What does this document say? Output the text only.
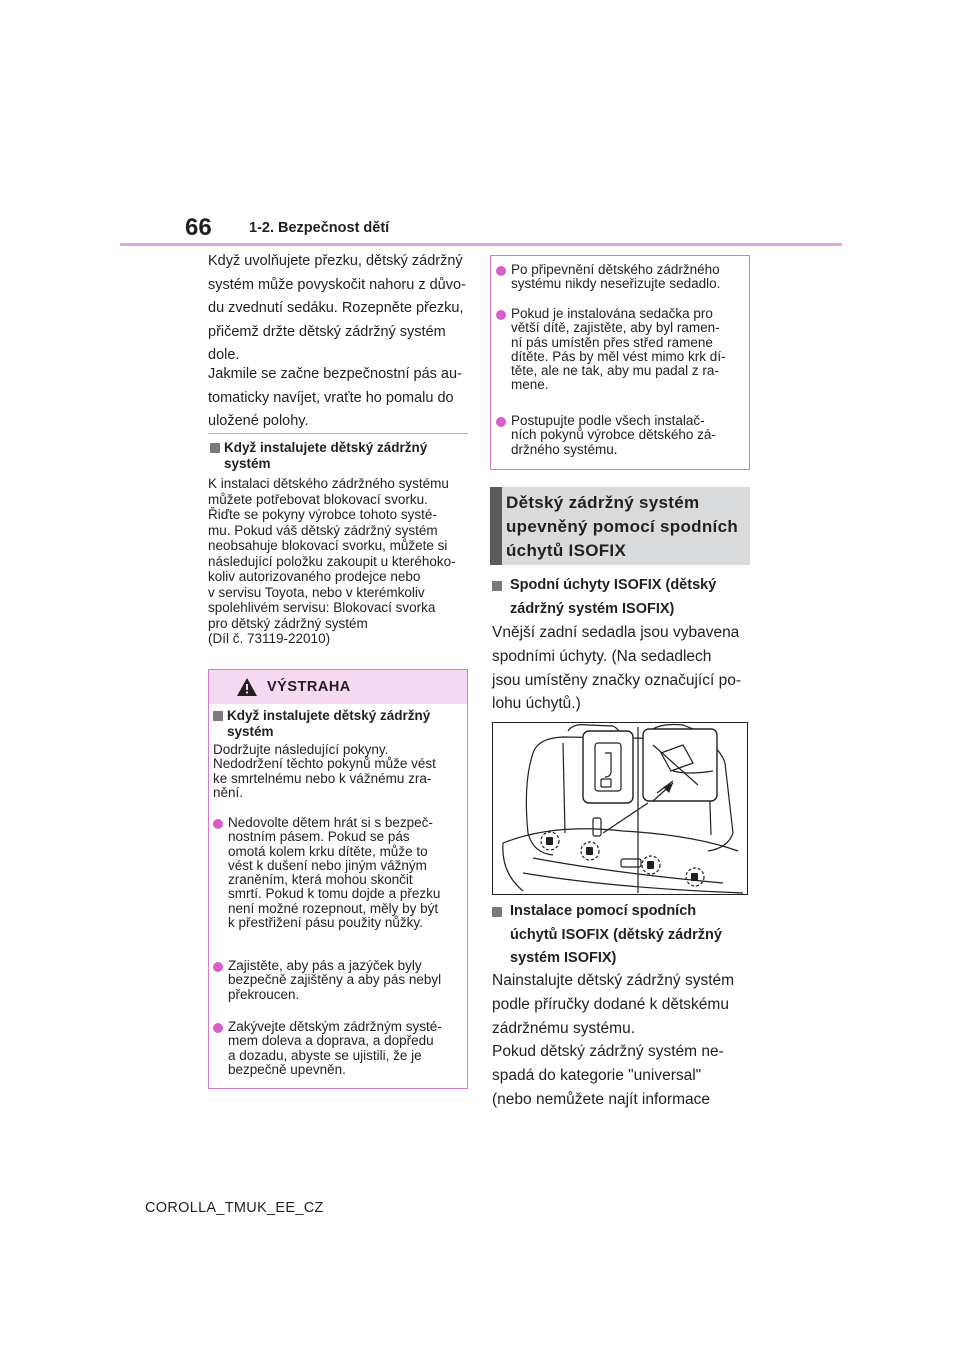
66	1-2. Bezpečnost dětí

Když uvolňujete přezku, dětský zádržný

systém může povyskočit nahoru z důvo-

du zvednutí sedáku. Rozepněte přezku,

přičemž držte dětský zádržný systém

dole.

Jakmile se začne bezpečnostní pás au-

tomaticky navíjet, vraťte ho pomalu do

uložené polohy.

Když instalujete dětský zádržný
systém
K instalaci dětského zádržného systému
můžete potřebovat blokovací svorku.
Řiďte se pokyny výrobce tohoto systé-
mu. Pokud váš dětský zádržný systém
neobsahuje blokovací svorku, můžete si
následující položku zakoupit u kteréhoko-
koliv autorizovaného prodejce nebo
v servisu Toyota, nebo v kterémkoliv
spolehlivém servisu: Blokovací svorka
pro dětský zádržný systém
(Díl č. 73119-22010)
VÝSTRAHA
Když instalujete dětský zádržný
systém
Dodržujte následující pokyny.
Nedodržení těchto pokynů může vést
ke smrtelnému nebo k vážnému zra-
nění.
Nedovolte dětem hrát si s bezpeč-
nostním pásem. Pokud se pás
omotá kolem krku dítěte, může to
vést k dušení nebo jiným vážným
zraněním, která mohou skončit
smrtí. Pokud k tomu dojde a přezku
není možné rozepnout, měly by být
k přestřižení pásu použity nůžky.
Zajistěte, aby pás a jazýček byly
bezpečně zajištěny a aby pás nebyl
překroucen.
Zakývejte dětským zádržným systé-
mem doleva a doprava, a dopředu
a dozadu, abyste se ujistili, že je
bezpečně upevněn.
Po připevnění dětského zádržného
systému nikdy neseřizujte sedadlo.
Pokud je instalována sedačka pro
větší dítě, zajistěte, aby byl ramen-
ní pás umístěn přes střed ramene
dítěte. Pás by měl vést mimo krk dí-
těte, ale ne tak, aby mu padal z ra-
mene.
Postupujte podle všech instalač-
ních pokynů výrobce dětského zá-
držného systému.
Dětský zádržný systém
upevněný pomocí spodních
úchytů ISOFIX
Spodní úchyty ISOFIX (dětský
zádržný systém ISOFIX)
Vnější zadní sedadla jsou vybavena
spodními úchyty. (Na sedadlech
jsou umístěny značky označující po-
lohu úchytů.)
Instalace pomocí spodních
úchytů ISOFIX (dětský zádržný
systém ISOFIX)
Nainstalujte dětský zádržný systém
podle příručky dodané k dětskému
zádržnému systému.
Pokud dětský zádržný systém ne-
spadá do kategorie "universal"
(nebo nemůžete najít informace
COROLLA_TMUK_EE_CZ
